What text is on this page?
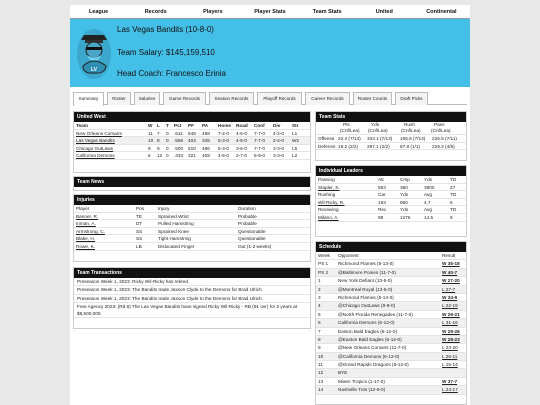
League	Records	Players	Player Stats	Team Stats	United	Continental
LV
Las Vegas Bandits (10-8-0)
Team Salary: $145,159,510
Head Coach: Francesco Erinia
Summary	Roster	Salaries	Game Records	Season Records	Playoff Records	Career Records	Roster Counts	Draft Picks
United West
Team	W L T Pct PF PA Home Road Conf Div Str
New Orleans Corsairs	11 7 0 .611 548 488 7-2-0 4-5-0 7-7-0 4-2-0 L1
Las Vegas Bandits	10 8 0 .556 404 345 6-3-0 4-5-0 7-7-0 2-4-0 W2
Chicago OutLaws	9 9 0 .500 510 486 6-3-0 3-6-0 7-7-0 3-3-0 L5
California Demons	6 12 0 .333 321 409 4-5-0 2-7-0 5-9-0 3-3-0 L2
Team News
Injuries
Player	Pos	Injury	Duration
Banner, R.	TE	Sprained Wrist	Probable
Inman, A.	DT	Pulled Hamstring	Probable
Armstrong, C.	SS	Sprained Knee	Questionable
Blake, H.	SS	Tight Hamstring	Questionable
Rowe, K.	LB	Dislocated Finger	Out (1-2 weeks)
Team Transactions
Preseason Week 1, 2023: Ricky Wil-Ricky has retired.
Preseason Week 1, 2023: The Bandits trade Jaxson Clyde to the Demons for Brad Ulrich.
Preseason Week 1, 2023: The Bandits trade Jaxson Clyde to the Demons for Brad Ulrich.
Free Agency 2023: (Rd 8) The Las Vegas Bandits have signed Ricky Wil-Ricky - RB (91 ovr) for 2 years at $5,500,000.
Team Stats
Pts	Yds	Rush	Pass
(Cnf/Lea) (Cnf/Lea)	(Cnf/Lea) (Cnf/Lea)
Offense 22.4 (7/13) 333.1 (7/13) 106.6 (7/13) 226.5 (7/11)
Defense 19.2 (2/2) 297.1 (2/2) 67.8 (1/1)	229.2 (4/8)
Individual Leaders
Passing	Att	Cmp	Yds	TD
Stapler, S.	553	360	3800	27
Rushing	Car	Yds	Avg	TD
Wil-Ricky, R.	193	960	4.7	6
Receiving	Rec	Yds	Avg	TD
Milano, A.	88	1276	14.5	8
Schedule
Week Opponent	Result
PS 1 Richmond Flames (5-13-0)	W 35-18
PS 2 @Baltimore Ponies (11-7-0)	W 40-7
1	New York Defiant (13-5-0)	W 27-20
2	@Montreal Royal (13-5-0)	L 27-7
3	Richmond Flames (5-13-0)	W 34-9
4	@Chicago OutLaws (9-9-0)	L 22-19
5	@North Florida Renegades (11-7-0)	W 29-21
6	California Demons (6-12-0)	L 31-16
7	Easton Bald Eagles (6-12-0)	W 29-26
8	@Easton Bald Eagles (6-12-0)	W 28-23
9	@New Orleans Corsairs (11-7-0)	L 23-20
10	@California Demons (6-12-0)	L 26-11
11	@Grand Rapids Dragons (6-12-0)	L 15-14
12	BYE
13	Miami Tropics (1-17-0)	W 37-7
14	Nashville Tuts (12-6-0)	L 24-17
